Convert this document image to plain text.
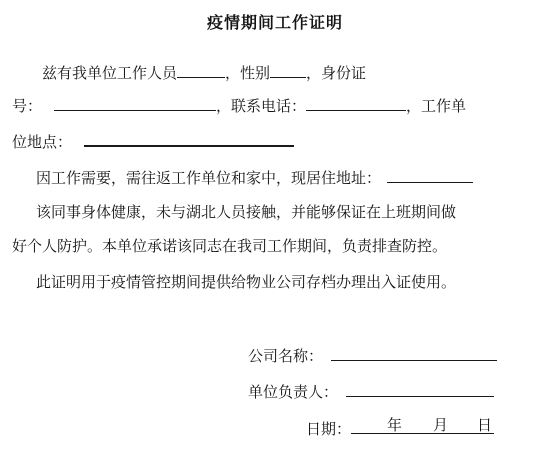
疫情期间工作证明
兹有我单位工作人员	，性别 ，身份证
号：	，联系电话：	，工作单
位地点：
因工作需要，需往返工作单位和家中，现居住地址：
该同事身体健康，未与湖北人员接触，并能够保证在上班期间做
好个人防护。本单位承诺该同志在我司工作期间，负责排查防控。
此证明用于疫情管控期间提供给物业公司存档办理出入证使用。
公司名称：
单位负责人：
日期： 年 月 日
